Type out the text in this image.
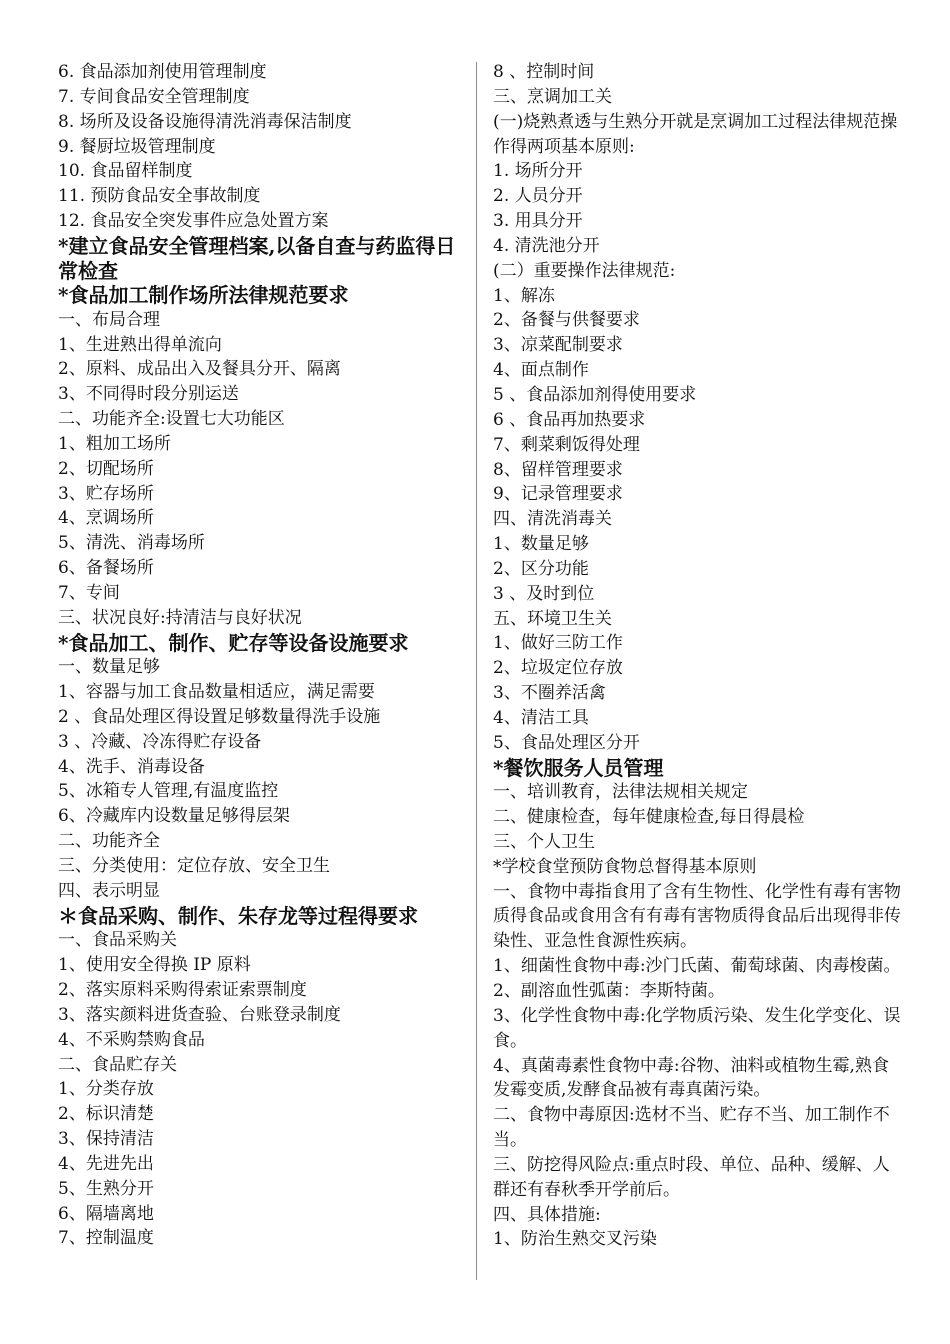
6. 食品添加剂使用管理制度
7. 专间食品安全管理制度
8. 场所及设备设施得清洗消毒保洁制度
9. 餐厨垃圾管理制度
10. 食品留样制度
11. 预防食品安全事故制度
12. 食品安全突发事件应急处置方案
*建立食品安全管理档案,以备自查与药监得日常检查
*食品加工制作场所法律规范要求
一、布局合理
1、生进熟出得单流向
2、原料、成品出入及餐具分开、隔离
3、不同得时段分别运送
二、功能齐全:设置七大功能区
1、粗加工场所
2、切配场所
3、贮存场所
4、烹调场所
5、清洗、消毒场所
6、备餐场所
7、专间
三、状况良好:持清洁与良好状况
*食品加工、制作、贮存等设备设施要求
一、数量足够
1、容器与加工食品数量相适应，满足需要
2 、食品处理区得设置足够数量得洗手设施
3 、冷藏、冷冻得贮存设备
4、洗手、消毒设备
5、冰箱专人管理,有温度监控
6、冷藏库内设数量足够得层架
二、功能齐全
三、分类使用：定位存放、安全卫生
四、表示明显
＊食品采购、制作、朱存龙等过程得要求
一、食品采购关
1、使用安全得换 IP 原料
2、落实原料采购得索证索票制度
3、落实颜料进货查验、台账登录制度
4、不采购禁购食品
二、食品贮存关
1、分类存放
2、标识清楚
3、保持清洁
4、先进先出
5、生熟分开
6、隔墙离地
7、控制温度
8 、控制时间
三、烹调加工关
(一)烧熟煮透与生熟分开就是烹调加工过程法律规范操作得两项基本原则:
1. 场所分开
2. 人员分开
3. 用具分开
4. 清洗池分开
(二）重要操作法律规范:
1、解冻
2、备餐与供餐要求
3、凉菜配制要求
4、面点制作
5 、食品添加剂得使用要求
6 、食品再加热要求
7、剩菜剩饭得处理
8、留样管理要求
9、记录管理要求
四、清洗消毒关
1、数量足够
2、区分功能
3 、及时到位
五、环境卫生关
1、做好三防工作
2、垃圾定位存放
3、不圈养活禽
4、清洁工具
5、食品处理区分开
*餐饮服务人员管理
一、培训教育，法律法规相关规定
二、健康检查，每年健康检查,每日得晨检
三、个人卫生
*学校食堂预防食物总督得基本原则
一、食物中毒指食用了含有生物性、化学性有毒有害物质得食品或食用含有有毒有害物质得食品后出现得非传染性、亚急性食源性疾病。
1、细菌性食物中毒:沙门氏菌、葡萄球菌、肉毒梭菌。
2、副溶血性弧菌：李斯特菌。
3、化学性食物中毒:化学物质污染、发生化学变化、误食。
4、真菌毒素性食物中毒:谷物、油料或植物生霉,熟食发霉变质,发酵食品被有毒真菌污染。
二、食物中毒原因:选材不当、贮存不当、加工制作不当。
三、防挖得风险点:重点时段、单位、品种、缓解、人群还有春秋季开学前后。
四、具体措施:
1、防治生熟交叉污染
